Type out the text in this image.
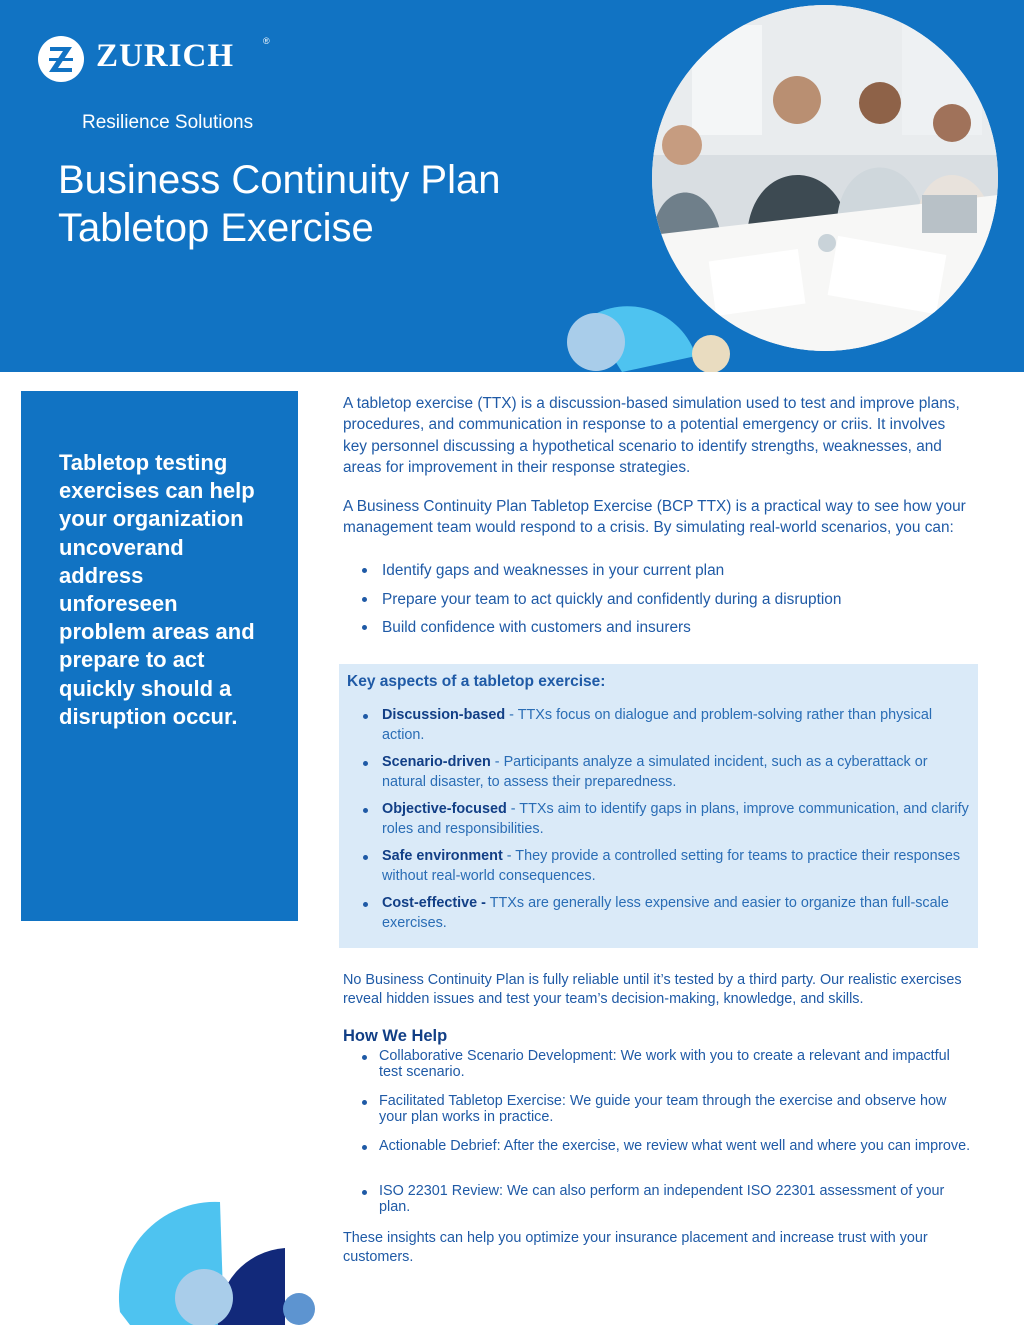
ZURICH	®
Resilience Solutions
Business Continuity Plan
Tabletop Exercise

Tabletop testing exercises can help your organization uncoverand address unforeseen problem areas and prepare to act quickly should a disruption occur.

A tabletop exercise (TTX) is a discussion-based simulation used to test and improve plans, procedures, and communication in response to a potential emergency or criis. It involves key personnel discussing a hypothetical scenario to identify strengths, weaknesses, and areas for improvement in their response strategies.

A Business Continuity Plan Tabletop Exercise (BCP TTX) is a practical way to see how your management team would respond to a crisis. By simulating real-world scenarios, you can:

Identify gaps and weaknesses in your current plan
Prepare your team to act quickly and confidently during a disruption
Build confidence with customers and insurers
Key aspects of a tabletop exercise:
Discussion-based - TTXs focus on dialogue and problem-solving rather than physical action.
Scenario-driven - Participants analyze a simulated incident, such as a cyberattack or natural disaster, to assess their preparedness.
Objective-focused - TTXs aim to identify gaps in plans, improve communication, and clarify roles and responsibilities.
Safe environment - They provide a controlled setting for teams to practice their responses without real-world consequences.
Cost-effective - TTXs are generally less expensive and easier to organize than full-scale exercises.

No Business Continuity Plan is fully reliable until it’s tested by a third party. Our realistic exercises reveal hidden issues and test your team’s decision-making, knowledge, and skills.

How We Help
Collaborative Scenario Development: We work with you to create a relevant and impactful test scenario.
Facilitated Tabletop Exercise: We guide your team through the exercise and observe how your plan works in practice.
Actionable Debrief: After the exercise, we review what went well and where you can improve.
ISO 22301 Review: We can also perform an independent ISO 22301 assessment of your plan.

These insights can help you optimize your insurance placement and increase trust with your customers.
